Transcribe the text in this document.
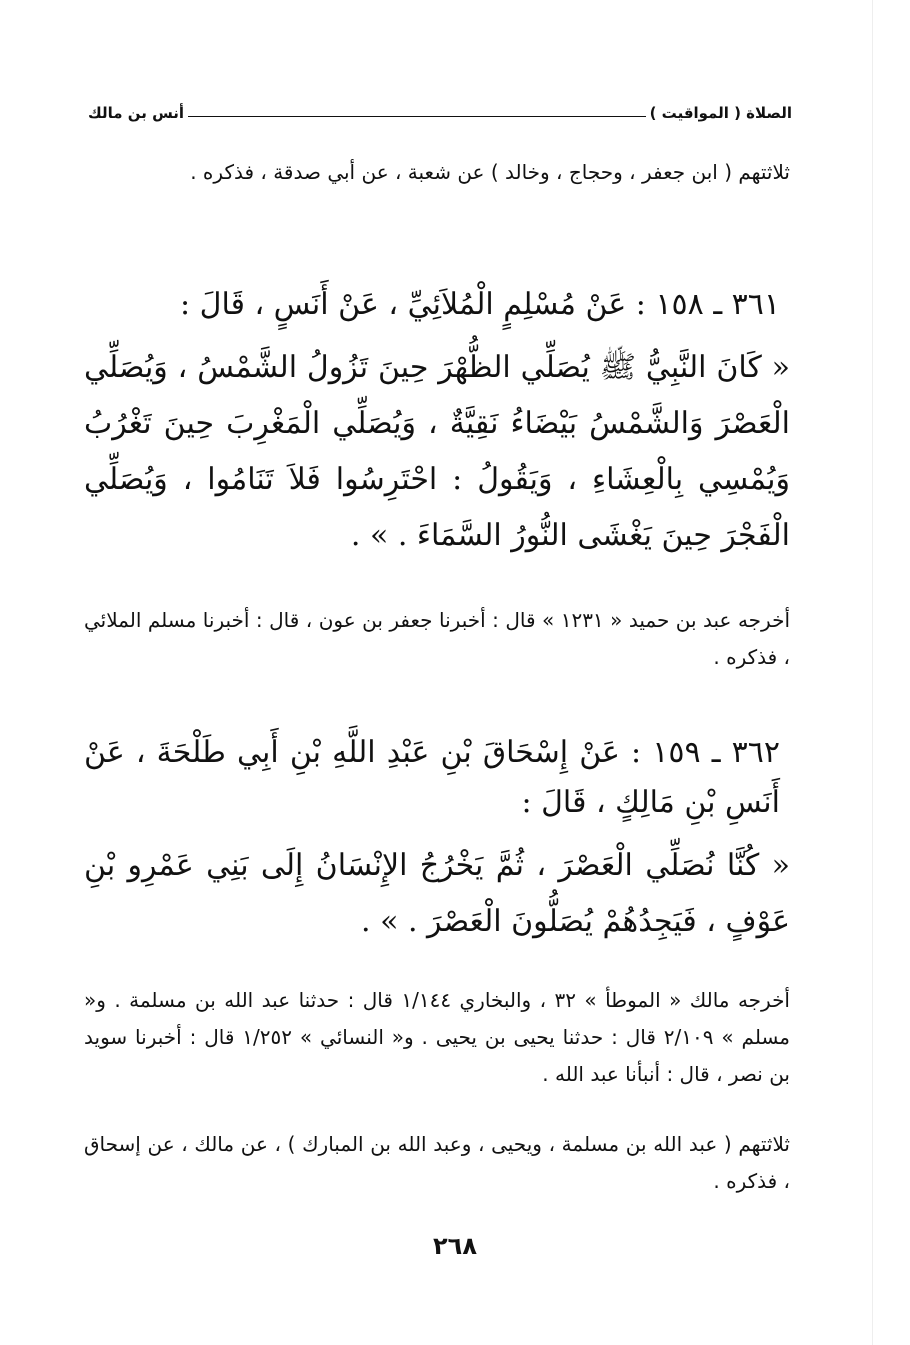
الصلاة ( المواقيت )
أنس بن مالك
ثلاثتهم ( ابن جعفر ، وحجاج ، وخالد ) عن شعبة ، عن أبي صدقة ، فذكره .
٣٦١ ـ ١٥٨ : عَنْ مُسْلِمٍ الْمُلاَئِيِّ ، عَنْ أَنَسٍ ، قَالَ :
« كَانَ النَّبِيُّ ﷺ يُصَلِّي الظُّهْرَ حِينَ تَزُولُ الشَّمْسُ ، وَيُصَلِّي الْعَصْرَ وَالشَّمْسُ بَيْضَاءُ نَقِيَّةٌ ، وَيُصَلِّي الْمَغْرِبَ حِينَ تَغْرُبُ وَيُمْسِي بِالْعِشَاءِ ، وَيَقُولُ : احْتَرِسُوا فَلاَ تَنَامُوا ، وَيُصَلِّي الْفَجْرَ حِينَ يَغْشَى النُّورُ السَّمَاءَ . » .
أخرجه عبد بن حميد « ١٢٣١ » قال : أخبرنا جعفر بن عون ، قال : أخبرنا مسلم الملائي ، فذكره .
٣٦٢ ـ ١٥٩ : عَنْ إِسْحَاقَ بْنِ عَبْدِ اللَّهِ بْنِ أَبِي طَلْحَةَ ، عَنْ أَنَسِ بْنِ مَالِكٍ ، قَالَ :
« كُنَّا نُصَلِّي الْعَصْرَ ، ثُمَّ يَخْرُجُ الإِنْسَانُ إِلَى بَنِي عَمْرِو بْنِ عَوْفٍ ، فَيَجِدُهُمْ يُصَلُّونَ الْعَصْرَ . » .
أخرجه مالك « الموطأ » ٣٢ ، والبخاري ١/١٤٤ قال : حدثنا عبد الله بن مسلمة . و« مسلم » ٢/١٠٩ قال : حدثنا يحيى بن يحيى . و« النسائي » ١/٢٥٢ قال : أخبرنا سويد بن نصر ، قال : أنبأنا عبد الله .
ثلاثتهم ( عبد الله بن مسلمة ، ويحيى ، وعبد الله بن المبارك ) ، عن مالك ، عن إسحاق ، فذكره .
٢٦٨
